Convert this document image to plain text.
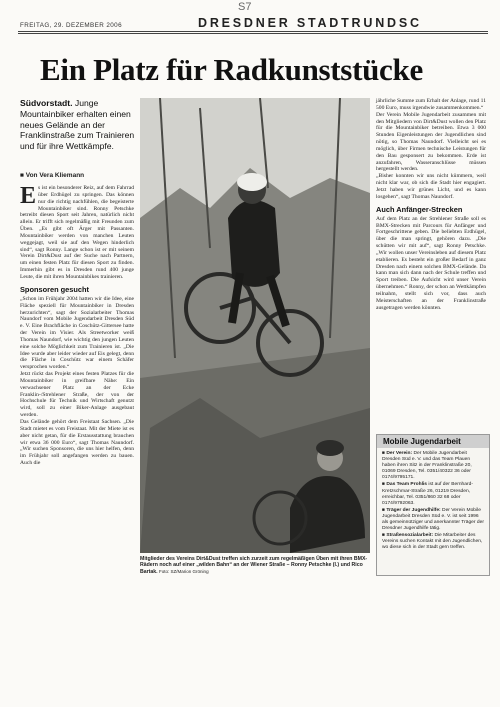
S7
FREITAG, 29. DEZEMBER 2006	DRESDNER STADTRUNDSC
Ein Platz für Radkunststücke
Südvorstadt. Junge Mountainbiker erhalten einen neues Gelände an der Franklinstraße zum Trainieren und für ihre Wettkämpfe.
■ Von Vera Kliemann

Es ist ein besonderer Reiz, auf dem Fahrrad über Erdhügel zu springen. Das können nur die richtig nachfühlen, die begeisterte Mountainbiker sind. Ronny Petschke betreibt diesen Sport seit Jahren, natürlich nicht allein. Er trifft sich regelmäßig mit Freunden zum Üben. „Es gibt oft Ärger mit Passanten. Mountainbiker werden von manchen Leuten weggejagt, weil sie auf den Wegen hinderlich sind“, sagt Ronny. Lange schon ist er mit seinem Verein Dirt&Dust auf der Suche nach Partnern, um einen festen Platz für diesen Sport zu finden. Immerhin gibt es in Dresden rund 400 junge Leute, die mit ihren Mountainbikes trainieren.

Sponsoren gesucht

„Schon im Frühjahr 2004 hatten wir die Idee, eine Fläche speziell für Mountainbiker in Dresden herzurichten“, sagt der Sozialarbeiter Thomas Naundorf vom Mobile Jugendarbeit Dresden Süd e. V. Eine Brachfläche in Coschütz-Gittersee hatte der Verein im Visier. Als Streetworker weiß Thomas Naundorf, wie wichtig den jungen Leuten eine solche Möglichkeit zum Trainieren ist. „Die Idee wurde aber leider wieder auf Eis gelegt, denn die Fläche in Coschütz war einem Schäfer versprochen worden.“

Jetzt rückt das Projekt eines festen Platzes für die Mountainbiker in greifbare Nähe: Ein verwachsener Platz an der Ecke Franklin-/Strehlener Straße, der von der Hochschule für Technik und Wirtschaft genutzt wird, soll zu einer Biker-Anlage ausgebaut werden.

Das Gelände gehört dem Freistaat Sachsen. „Die Stadt mietet es vom Freistaat. Mit der Miete ist es aber nicht getan, für die Erstausstattung brauchen wir etwa 36 000 Euro“, sagt Thomas Naundorf. „Wir suchen Sponsoren, die uns hier helfen, denn im Frühjahr soll angefangen werden zu bauen. Auch die

Mitglieder des Vereins Dirt&Dust treffen sich zurzeit zum regelmäßigen Üben mit ihren BMX-Rädern noch auf einer „wilden Bahn“ an der Wiener Straße – Ronny Petschke (l.) und Rico Bartak. Foto: SZ/Marion Gröning

jährliche Summe zum Erhalt der Anlage, rund 11 500 Euro, muss irgendwie zusammenkommen.“

Der Verein Mobile Jugendarbeit zusammen mit den Mitgliedern von Dirt&Dust wollen den Platz für die Mountainbiker betreiben. Etwa 3 000 Stunden Eigenleistungen der Jugendlichen sind nötig, so Thomas Naundorf. Vielleicht sei es möglich, über Firmen technische Leistungen für den Bau gesponsert zu bekommen. Erde ist anzufahren, Wasseranschlüsse müssen hergestellt werden.

„Bisher konnten wir uns nicht kümmern, weil nicht klar war, ob sich die Stadt hier engagiert. Jetzt haben wir grünes Licht, und es kann losgehen“, sagt Thomas Naundorf.

Auch Anfänger-Strecken

Auf dem Platz an der Strehlener Straße soll es BMX-Strecken mit Parcours für Anfänger und Fortgeschrittene geben. Die beliebten Erdhügel, über die man springt, gehören dazu. „Die schütten wir mit auf“, sagt Ronny Petschke. „Wir wollen unser Vereinsleben auf diesem Platz etablieren. Es besteht ein großer Bedarf in ganz Dresden nach einem solchen BMX-Gelände. Da kann man sich dann nach der Schule treffen und Sport treiben. Die Aufsicht wird unser Verein übernehmen.“ Ronny, der schon an Wettkämpfen teilnahm, stellt sich vor, dass auch Meisterschaften an der Franklinstraße ausgetragen werden könnten.

Mobile Jugendarbeit

■ Der Verein: Der Mobile Jugendarbeit Dresden Süd e. V. und das Team Plauen haben ihren Sitz in der Franklinstraße 20, 01069 Dresden, Tel. 0351/40322 36 oder 0174/9795171.

■ Das Team Prohlis ist auf der Bernhard-Kretzschmar-Straße 26, 01219 Dresden, erreichbar, Tel. 0351/860 32 68 oder 0174/9792063.

■ Träger der Jugendhilfe: Der Verein Mobile Jugendarbeit Dresden Süd e. V. ist seit 1996 als gemeinnütziger und anerkannter Träger der Dresdner Jugendhilfe tätig.

■ Straßensozialarbeit: Die Mitarbeiter des Vereins suchen Kontakt mit den Jugendlichen, wo diese sich in der Stadt gern treffen.
